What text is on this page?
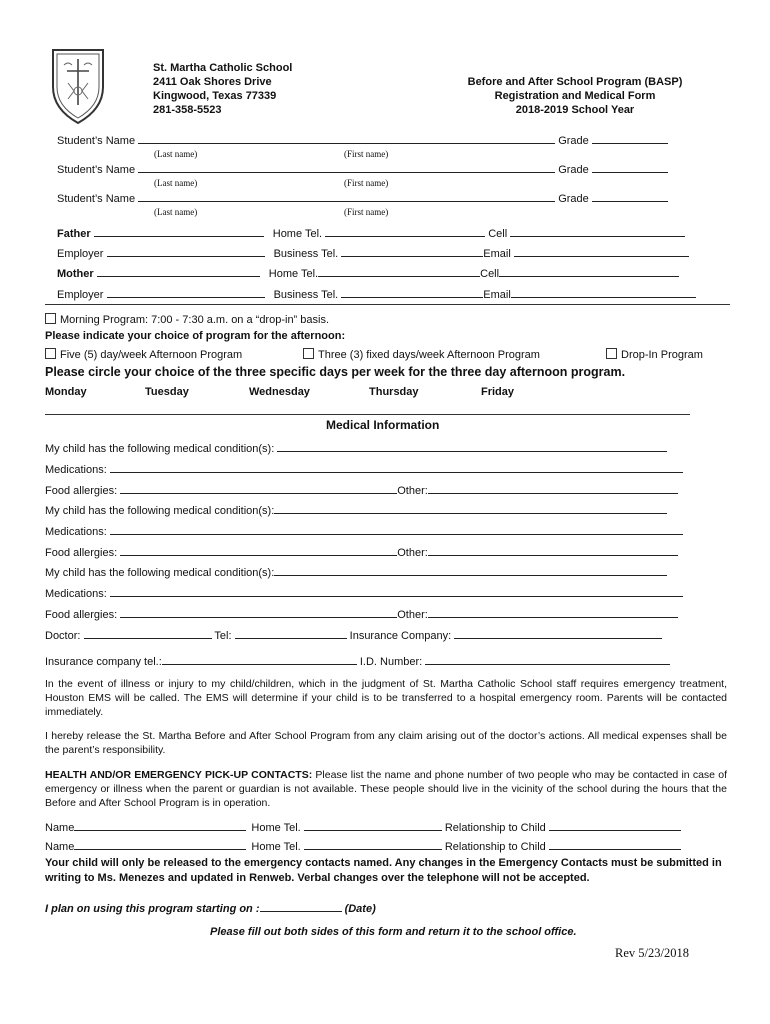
St. Martha Catholic School
2411 Oak Shores Drive
Kingwood, Texas 77339
281-358-5523
Before and After School Program (BASP)
Registration and Medical Form
2018-2019 School Year
Student’s Name	Grade
(Last name)	(First name)
Student’s Name	Grade
(Last name)	(First name)
Student’s Name	Grade
(Last name)	(First name)
Father	Home Tel.	Cell
Employer	Business Tel.	Email
Mother	Home Tel.	Cell
Employer	Business Tel.	Email
Morning Program: 7:00 - 7:30 a.m. on a “drop-in” basis.
Please indicate your choice of program for the afternoon:
Five (5) day/week Afternoon Program	Three (3) fixed days/week Afternoon Program	Drop-In Program
Please circle your choice of the three specific days per week for the three day afternoon program.
Monday	Tuesday	Wednesday	Thursday	Friday
Medical Information
My child has the following medical condition(s):
Medications:
Food allergies:	Other:
My child has the following medical condition(s):
Medications:
Food allergies:	Other:
My child has the following medical condition(s):
Medications:
Food allergies:	Other:
Doctor:	Tel:	Insurance Company:
Insurance company tel.:	I.D. Number:
In the event of illness or injury to my child/children, which in the judgment of St. Martha Catholic School staff requires emergency treatment, Houston EMS will be called. The EMS will determine if your child is to be transferred to a hospital emergency room. Parents will be contacted immediately.
I hereby release the St. Martha Before and After School Program from any claim arising out of the doctor’s actions. All medical expenses shall be the parent’s responsibility.
HEALTH AND/OR EMERGENCY PICK-UP CONTACTS: Please list the name and phone number of two people who may be contacted in case of emergency or illness when the parent or guardian is not available. These people should live in the vicinity of the school during the hours that the Before and After School Program is in operation.
Name	Home Tel.	Relationship to Child
Name	Home Tel.	Relationship to Child
Your child will only be released to the emergency contacts named. Any changes in the Emergency Contacts must be submitted in writing to Ms. Menezes and updated in Renweb. Verbal changes over the telephone will not be accepted.
I plan on using this program starting on :	(Date)
Please fill out both sides of this form and return it to the school office.
Rev 5/23/2018
